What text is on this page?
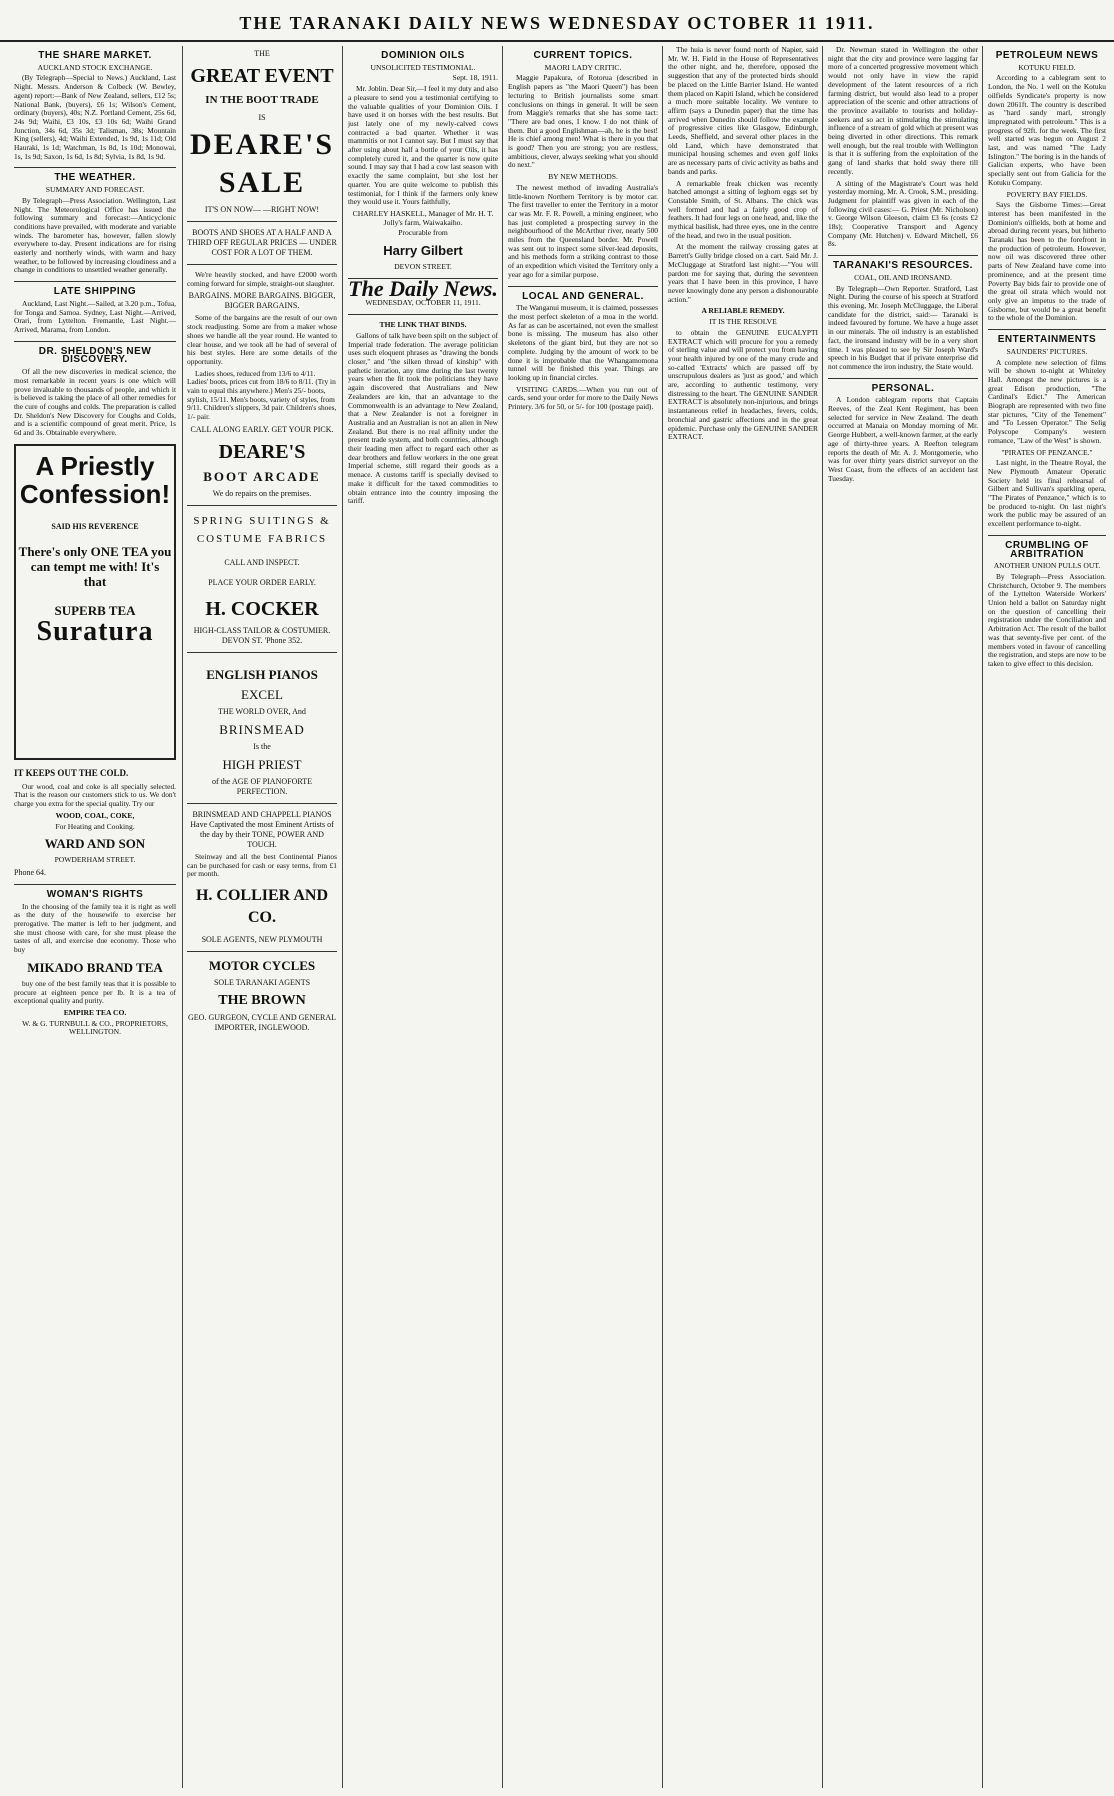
THE TARANAKI DAILY NEWS WEDNESDAY OCTOBER 11 1911.
THE SHARE MARKET.
AUCKLAND STOCK EXCHANGE.

(By Telegraph—Special to News.) Auckland, Last Night. Messrs. Anderson & Colbeck (W. Bewley, agent) report:—Bank of New Zealand, sellers, £12 5s; National Bank, (buyers), £6 1s; Wilson's Cement, ordinary (buyers), 40s; N.Z. Portland Cement, 25s 6d, 24s 9d; Waihi, £3 10s, £3 10s 6d; Waihi Grand Junction, 34s 6d, 35s 3d; Talisman, 38s; Mountain King (sellers), 4d; Waihi Extended, 1s 9d, 1s 11d; Old Hauraki, 1s 1d; Watchman, 1s 8d, 1s 10d; Monowai, 1s, 1s 9d; Saxon, 1s 6d, 1s 8d; Sylvia, 1s 8d, 1s 9d.

THE WEATHER.
SUMMARY AND FORECAST.

By Telegraph—Press Association. Wellington, Last Night. The Meteorological Office has issued the following summary and forecast:—Anticyclonic conditions have prevailed, with moderate and variable winds. The barometer has, however, fallen slowly everywhere to-day. Present indications are for rising easterly and northerly winds, with warm and hazy weather, to be followed by increasing cloudiness and a change in conditions to unsettled weather generally.

LATE SHIPPING

Auckland, Last Night.—Sailed, at 3.20 p.m., Tofua, for Tonga and Samoa. Sydney, Last Night.—Arrived, Orari, from Lyttelton. Fremantle, Last Night.—Arrived, Marama, from London.

DR. SHELDON'S NEW DISCOVERY.

Of all the new discoveries in medical science, the most remarkable in recent years is one which will prove invaluable to thousands of people, and which it is believed is taking the place of all other remedies for the cure of coughs and colds. The preparation is called Dr. Sheldon's New Discovery for Coughs and Colds, and is a scientific compound of great merit. Price, 1s 6d and 3s. Obtainable everywhere.

A Priestly
Confession!
SAID HIS REVERENCE
There's only ONE TEA you can tempt me with! It's that
SUPERB TEA
Suratura
IT KEEPS OUT THE COLD.

Our wood, coal and coke is all specially selected. That is the reason our customers stick to us. We don't charge you extra for the special quality. Try our

WOOD, COAL, COKE,
For Heating and Cooking.
WARD AND SON
POWDERHAM STREET.
Phone 64.
WOMAN'S RIGHTS

In the choosing of the family tea it is right as well as the duty of the housewife to exercise her prerogative. The matter is left to her judgment, and she must choose with care, for she must please the tastes of all, and exercise due economy. Those who buy

MIKADO BRAND TEA

buy one of the best family teas that it is possible to procure at eighteen pence per lb. It is a tea of exceptional quality and purity.

EMPIRE TEA CO.
W. & G. TURNBULL & CO., PROPRIETORS, WELLINGTON.
THE
GREAT EVENT
IN THE BOOT TRADE
IS
DEARE'S
SALE
IT'S ON NOW— —RIGHT NOW!
BOOTS AND SHOES AT A HALF AND A THIRD OFF REGULAR PRICES — UNDER COST FOR A LOT OF THEM.

We're heavily stocked, and have £2000 worth coming forward for simple, straight-out slaughter.

BARGAINS. MORE BARGAINS. BIGGER, BIGGER BARGAINS.

Some of the bargains are the result of our own stock readjusting. Some are from a maker whose shoes we handle all the year round. He wanted to clear house, and we took all he had of several of his best styles. Here are some details of the opportunity.

Ladies shoes, reduced from 13/6 to 4/11. Ladies' boots, prices cut from 18/6 to 8/11. (Try in vain to equal this anywhere.) Men's 25/- boots, stylish, 15/11. Men's boots, variety of styles, from 9/11. Children's slippers, 3d pair. Children's shoes, 1/- pair.

CALL ALONG EARLY. GET YOUR PICK.
DEARE'S
BOOT ARCADE
We do repairs on the premises.
SPRING SUITINGS & COSTUME FABRICS
CALL AND INSPECT.
PLACE YOUR ORDER EARLY.
H. COCKER
HIGH-CLASS TAILOR & COSTUMIER. DEVON ST. 'Phone 352.
ENGLISH PIANOS
EXCEL
THE WORLD OVER, And
BRINSMEAD
Is the
HIGH PRIEST
of the AGE OF PIANOFORTE PERFECTION.
BRINSMEAD AND CHAPPELL PIANOS Have Captivated the most Eminent Artists of the day by their TONE, POWER AND TOUCH.

Steinway and all the best Continental Pianos can be purchased for cash or easy terms, from £1 per month.

H. COLLIER AND CO.
SOLE AGENTS, NEW PLYMOUTH
MOTOR CYCLES
SOLE TARANAKI AGENTS
THE BROWN
GEO. GURGEON, CYCLE AND GENERAL IMPORTER, INGLEWOOD.
DOMINION OILS
UNSOLICITED TESTIMONIAL.
Sept. 18, 1911.

Mr. Joblin. Dear Sir,—I feel it my duty and also a pleasure to send you a testimonial certifying to the valuable qualities of your Dominion Oils. I have used it on horses with the best results. But just lately one of my newly-calved cows contracted a bad quarter. Whether it was mammitis or not I cannot say. But I must say that after using about half a bottle of your Oils, it has completely cured it, and the quarter is now quite sound. I may say that I had a cow last season with exactly the same complaint, but she lost her quarter. You are quite welcome to publish this testimonial, for I think if the farmers only knew they would use it. Yours faithfully,

CHARLEY HASKELL, Manager of Mr. H. T. Jolly's farm, Waiwakaiho.
Procurable from
Harry Gilbert
DEVON STREET.
The Daily News.
WEDNESDAY, OCTOBER 11, 1911.
THE LINK THAT BINDS.

Gallons of talk have been spilt on the subject of Imperial trade federation. The average politician uses such eloquent phrases as "drawing the bonds closer," and "the silken thread of kinship" with pathetic iteration, any time during the last twenty years when the fit took the politicians they have again discovered that Australians and New Zealanders are kin, that an advantage to the Commonwealth is an advantage to New Zealand, that a New Zealander is not a foreigner in Australia and an Australian is not an alien in New Zealand. But there is no real affinity under the present trade system, and both countries, although their leading men affect to regard each other as dear brothers and fellow workers in the one great Imperial scheme, still regard their goods as a menace. A customs tariff is specially devised to make it difficult for the taxed commodities to obtain entrance into the country imposing the tariff.

CURRENT TOPICS.
MAORI LADY CRITIC.

Maggie Papakura, of Rotorua (described in English papers as "the Maori Queen") has been lecturing to British journalists some smart conclusions on things in general. It will be seen from Maggie's remarks that she has some tact: "There are bad ones, I know. I do not think of them. But a good Englishman—ah, he is the best! He is chief among men! What is there in you that is good? Then you are strong; you are restless, ambitious, clever, always seeking what you should do next."

BY NEW METHODS.

The newest method of invading Australia's little-known Northern Territory is by motor car. The first traveller to enter the Territory in a motor car was Mr. F. R. Powell, a mining engineer, who has just completed a prospecting survey in the neighbourhood of the McArthur river, nearly 500 miles from the Queensland border. Mr. Powell was sent out to inspect some silver-lead deposits, and his methods form a striking contrast to those of an expedition which visited the Territory only a year ago for a similar purpose.

LOCAL AND GENERAL.

The Wanganui museum, it is claimed, possesses the most perfect skeleton of a moa in the world. As far as can be ascertained, not even the smallest bone is missing. The museum has also other skeletons of the giant bird, but they are not so complete. Judging by the amount of work to be done it is improbable that the Whangamomona tunnel will be finished this year. Things are looking up in financial circles.

VISITING CARDS.—When you run out of cards, send your order for more to the Daily News Printery. 3/6 for 50, or 5/- for 100 (postage paid).

The huia is never found north of Napier, said Mr. W. H. Field in the House of Representatives the other night, and he, therefore, opposed the suggestion that any of the protected birds should be placed on the Little Barrier Island. He wanted them placed on Kapiti Island, which he considered a much more suitable locality. We venture to affirm (says a Dunedin paper) that the time has arrived when Dunedin should follow the example of progressive cities like Glasgow, Edinburgh, Leeds, Sheffield, and several other places in the old Land, which have demonstrated that municipal housing schemes and even golf links are as necessary parts of civic activity as baths and bands and parks.

A remarkable freak chicken was recently hatched amongst a sitting of leghorn eggs set by Constable Smith, of St. Albans. The chick was well formed and had a fairly good crop of feathers. It had four legs on one head, and, like the mythical basilisk, had three eyes, one in the centre of the head, and two in the usual position.

At the moment the railway crossing gates at Barrett's Gully bridge closed on a cart. Said Mr. J. McCluggage at Stratford last night:—"You will pardon me for saying that, during the seventeen years that I have been in this province, I have never knowingly done any person a dishonourable action."

A RELIABLE REMEDY.
IT IS THE RESOLVE

to obtain the GENUINE EUCALYPTI EXTRACT which will procure for you a remedy of sterling value and will protect you from having your health injured by one of the many crude and so-called 'Extracts' which are passed off by unscrupulous dealers as 'just as good,' and which are, according to authentic testimony, very distressing to the heart. The GENUINE SANDER EXTRACT is absolutely non-injurious, and brings instantaneous relief in headaches, fevers, colds, bronchial and gastric affections and in the great epidemic. Purchase only the GENUINE SANDER EXTRACT.

Dr. Newman stated in Wellington the other night that the city and province were lagging far more of a concerted progressive movement which would not only have in view the rapid development of the latent resources of a rich farming district, but would also lead to a proper appreciation of the scenic and other attractions of the province available to tourists and holiday-seekers and so act in stimulating the stimulating influence of a stream of gold which at present was being diverted in other directions. This remark well enough, but the real trouble with Wellington is that it is suffering from the exploitation of the gang of land sharks that hold sway there till recently.

A sitting of the Magistrate's Court was held yesterday morning, Mr. A. Crook, S.M., presiding. Judgment for plaintiff was given in each of the following civil cases:— G. Priest (Mr. Nicholson) v. George Wilson Gleeson, claim £3 6s (costs £2 18s); Cooperative Transport and Agency Company (Mr. Hutchen) v. Edward Mitchell, £6 8s.

TARANAKI'S RESOURCES.
COAL, OIL AND IRONSAND.

By Telegraph—Own Reporter. Stratford, Last Night. During the course of his speech at Stratford this evening, Mr. Joseph McCluggage, the Liberal candidate for the district, said:— Taranaki is indeed favoured by fortune. We have a huge asset in our minerals. The oil industry is an established fact, the ironsand industry will be in a very short time. I was pleased to see by Sir Joseph Ward's speech in his Budget that if private enterprise did not commence the iron industry, the State would.

PERSONAL.

A London cablegram reports that Captain Reeves, of the Zeal Kent Regiment, has been selected for service in New Zealand. The death occurred at Manaia on Monday morning of Mr. George Hubbert, a well-known farmer, at the early age of thirty-three years. A Reefton telegram reports the death of Mr. A. J. Montgomerie, who was for over thirty years district surveyor on the West Coast, from the effects of an accident last Tuesday.

PETROLEUM NEWS
KOTUKU FIELD.

According to a cablegram sent to London, the No. 1 well on the Kotuku oilfields Syndicate's property is now down 2061ft. The country is described as "hard sandy marl, strongly impregnated with petroleum." This is a progress of 92ft. for the week. The first well started was begun on August 2 last, and was named "The Lady Islington." The boring is in the hands of Galician experts, who have been specially sent out from Galicia for the Kotuku Company.

POVERTY BAY FIELDS.

Says the Gisborne Times:—Great interest has been manifested in the Dominion's oilfields, both at home and abroad during recent years, but hitherto Taranaki has been to the forefront in the production of petroleum. However, now oil was discovered three other parts of New Zealand have come into prominence, and at the present time Poverty Bay bids fair to provide one of the great oil strata which would not only give an impetus to the trade of Gisborne, but would be a great benefit to the whole of the Dominion.

ENTERTAINMENTS
SAUNDERS' PICTURES.

A complete new selection of films will be shown to-night at Whiteley Hall. Amongst the new pictures is a great Edison production, "The Cardinal's Edict." The American Biograph are represented with two fine star pictures, "City of the Tenement" and "To Lessen Operator." The Selig Polyscope Company's western romance, "Law of the West" is shown.

"PIRATES OF PENZANCE."

Last night, in the Theatre Royal, the New Plymouth Amateur Operatic Society held its final rehearsal of Gilbert and Sullivan's sparkling opera, "The Pirates of Penzance," which is to be produced to-night. On last night's work the public may be assured of an excellent performance to-night.

CRUMBLING OF ARBITRATION
ANOTHER UNION PULLS OUT.

By Telegraph—Press Association. Christchurch, October 9. The members of the Lyttelton Waterside Workers' Union held a ballot on Saturday night on the question of cancelling their registration under the Conciliation and Arbitration Act. The result of the ballot was that seventy-five per cent. of the members voted in favour of cancelling the registration, and steps are now to be taken to give effect to this decision.
